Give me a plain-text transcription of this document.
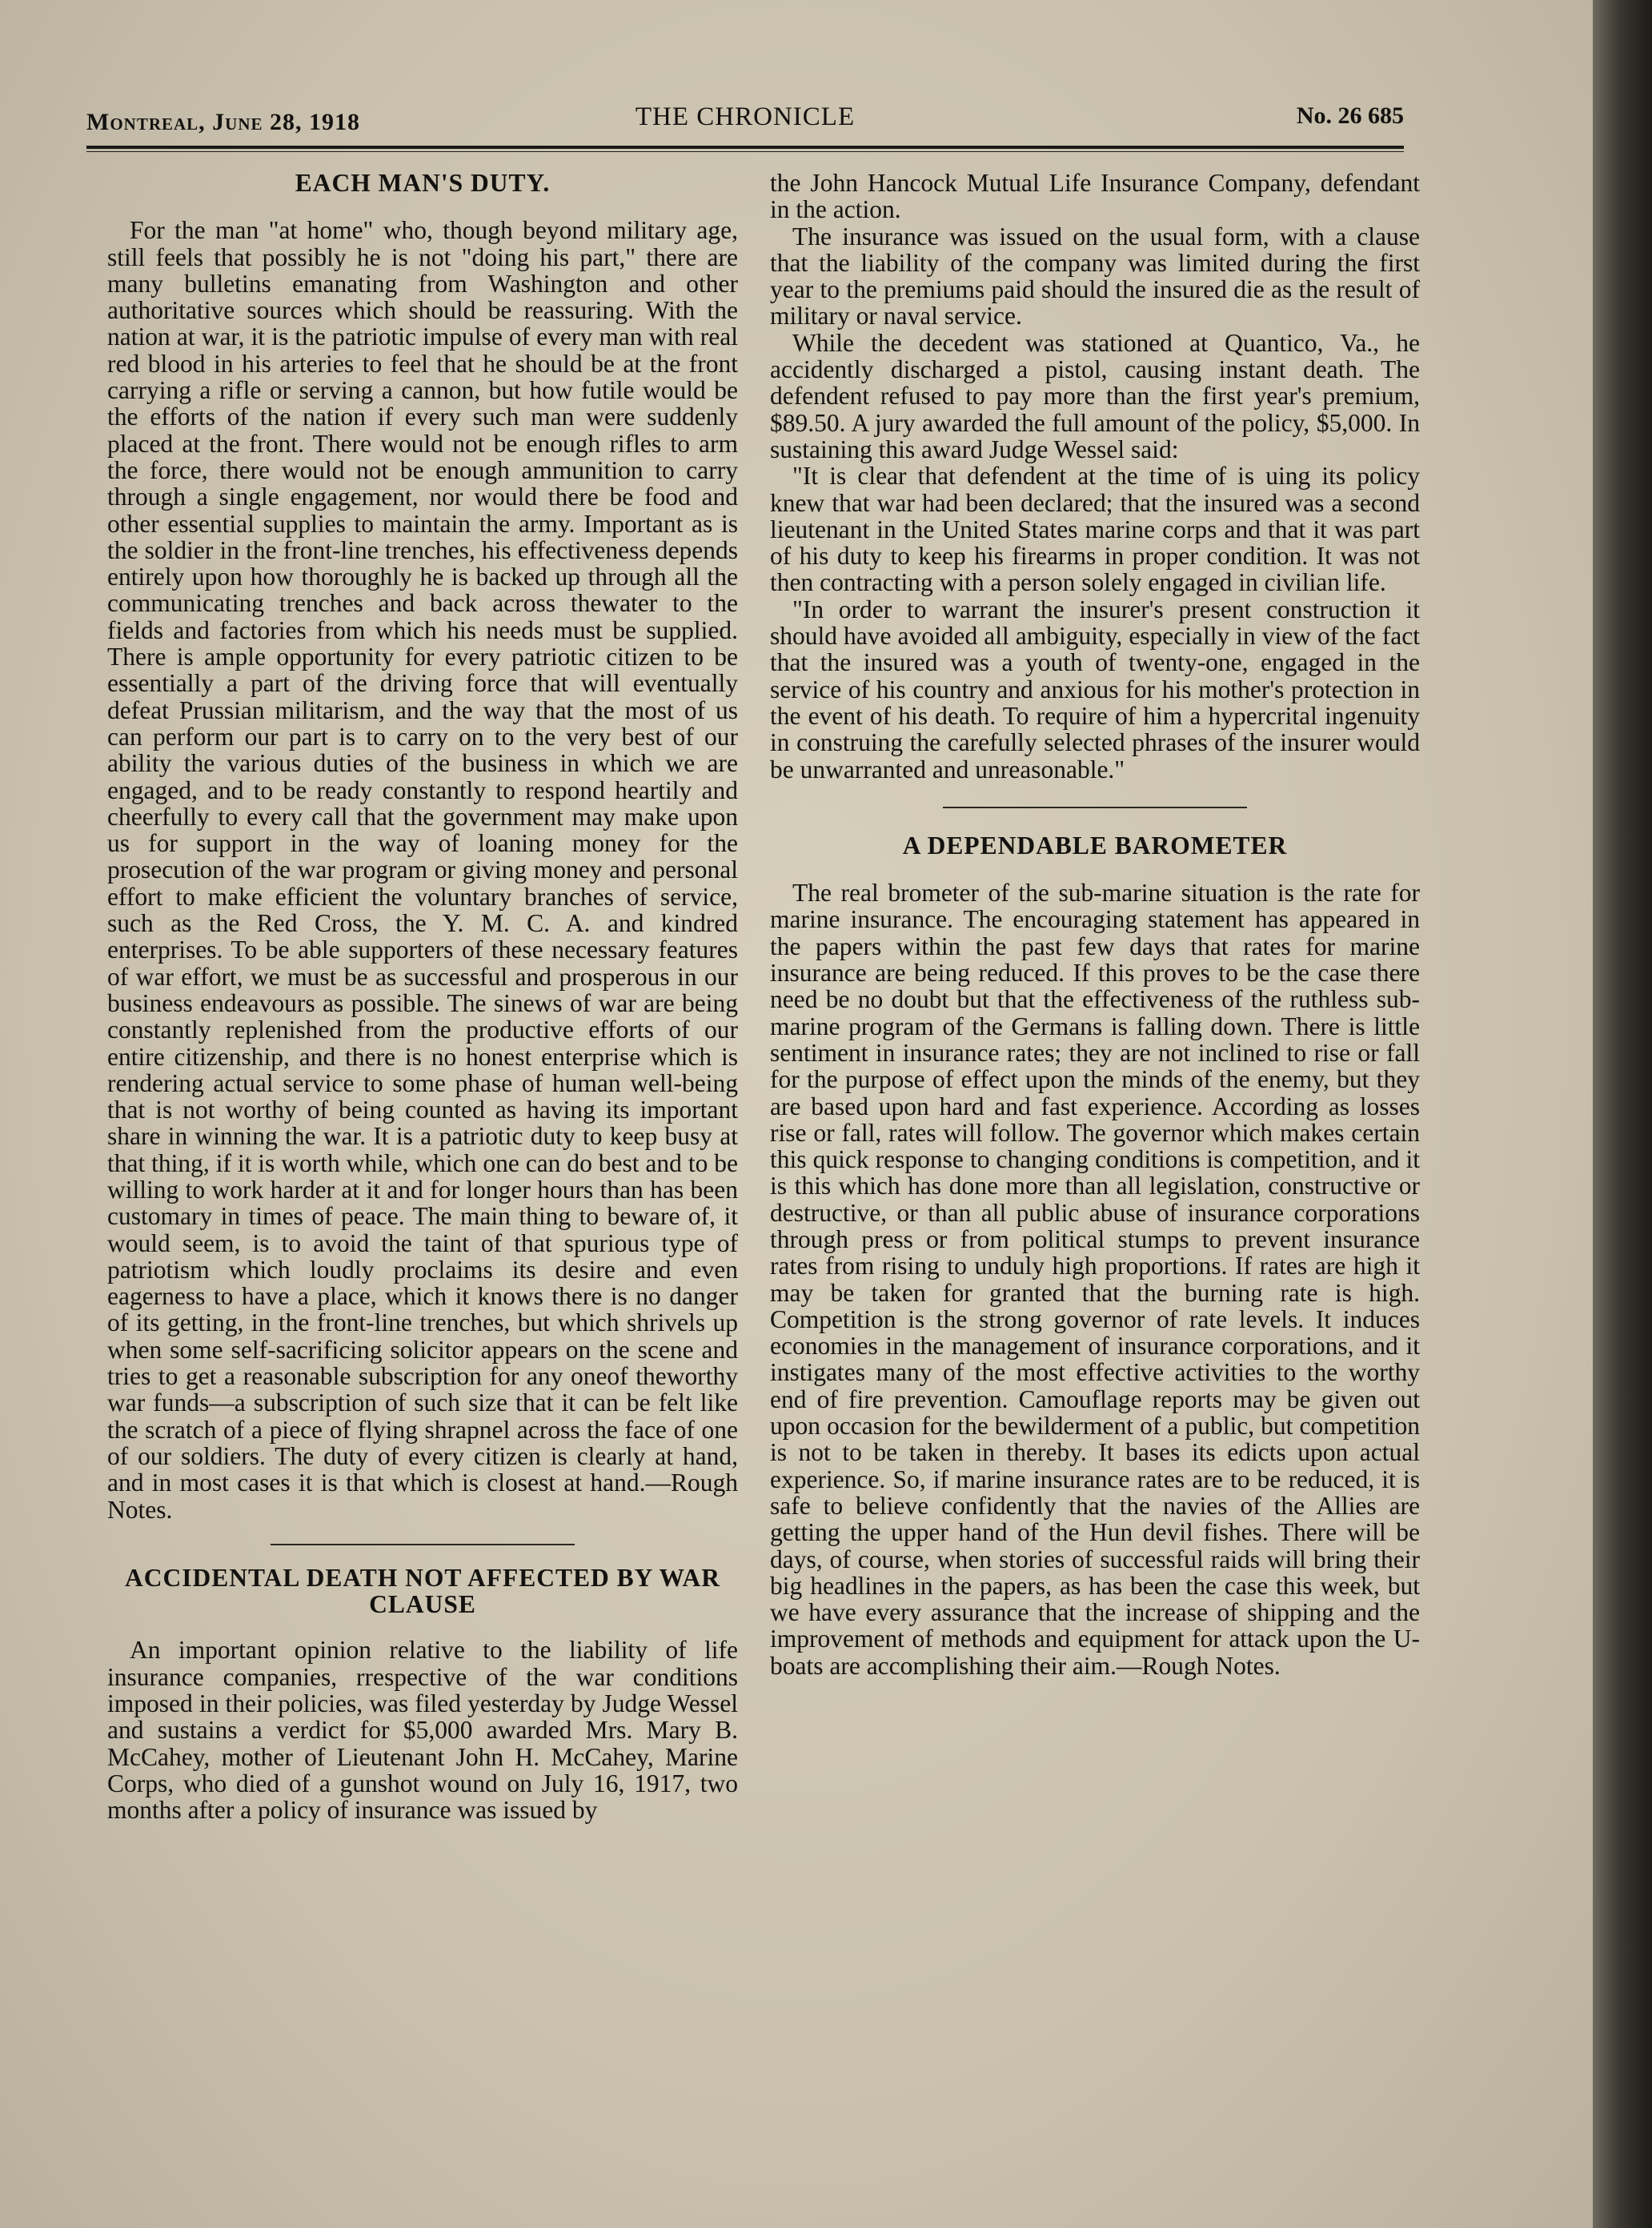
Montreal, June 28, 1918	THE CHRONICLE	No. 26 685
EACH MAN'S DUTY.

For the man "at home" who, though beyond military age, still feels that possibly he is not "doing his part," there are many bulletins emanating from Washington and other authoritative sources which should be reassuring. With the nation at war, it is the patriotic impulse of every man with real red blood in his arteries to feel that he should be at the front carrying a rifle or serving a cannon, but how futile would be the efforts of the nation if every such man were suddenly placed at the front. There would not be enough rifles to arm the force, there would not be enough ammunition to carry through a single engagement, nor would there be food and other essential supplies to maintain the army. Important as is the soldier in the front-line trenches, his effectiveness depends entirely upon how thoroughly he is backed up through all the communicating trenches and back across thewater to the fields and factories from which his needs must be supplied. There is ample opportunity for every patriotic citizen to be essentially a part of the driving force that will eventually defeat Prussian militarism, and the way that the most of us can perform our part is to carry on to the very best of our ability the various duties of the business in which we are engaged, and to be ready constantly to respond heartily and cheerfully to every call that the government may make upon us for support in the way of loaning money for the prosecution of the war program or giving money and personal effort to make efficient the voluntary branches of service, such as the Red Cross, the Y. M. C. A. and kindred enterprises. To be able supporters of these necessary features of war effort, we must be as successful and prosperous in our business endeavours as possible. The sinews of war are being constantly replenished from the productive efforts of our entire citizenship, and there is no honest enterprise which is rendering actual service to some phase of human well-being that is not worthy of being counted as having its important share in winning the war. It is a patriotic duty to keep busy at that thing, if it is worth while, which one can do best and to be willing to work harder at it and for longer hours than has been customary in times of peace. The main thing to beware of, it would seem, is to avoid the taint of that spurious type of patriotism which loudly proclaims its desire and even eagerness to have a place, which it knows there is no danger of its getting, in the front-line trenches, but which shrivels up when some self-sacrificing solicitor appears on the scene and tries to get a reasonable subscription for any oneof theworthy war funds—a subscription of such size that it can be felt like the scratch of a piece of flying shrapnel across the face of one of our soldiers. The duty of every citizen is clearly at hand, and in most cases it is that which is closest at hand.—Rough Notes.

ACCIDENTAL DEATH NOT AFFECTED BY WAR CLAUSE

An important opinion relative to the liability of life insurance companies, rrespective of the war conditions imposed in their policies, was filed yesterday by Judge Wessel and sustains a verdict for $5,000 awarded Mrs. Mary B. McCahey, mother of Lieutenant John H. McCahey, Marine Corps, who died of a gunshot wound on July 16, 1917, two months after a policy of insurance was issued by

the John Hancock Mutual Life Insurance Company, defendant in the action.

The insurance was issued on the usual form, with a clause that the liability of the company was limited during the first year to the premiums paid should the insured die as the result of military or naval service.

While the decedent was stationed at Quantico, Va., he accidently discharged a pistol, causing instant death. The defendent refused to pay more than the first year's premium, $89.50. A jury awarded the full amount of the policy, $5,000. In sustaining this award Judge Wessel said:

"It is clear that defendent at the time of is uing its policy knew that war had been declared; that the insured was a second lieutenant in the United States marine corps and that it was part of his duty to keep his firearms in proper condition. It was not then contracting with a person solely engaged in civilian life.

"In order to warrant the insurer's present construction it should have avoided all ambiguity, especially in view of the fact that the insured was a youth of twenty-one, engaged in the service of his country and anxious for his mother's protection in the event of his death. To require of him a hypercrital ingenuity in construing the carefully selected phrases of the insurer would be unwarranted and unreasonable."

A DEPENDABLE BAROMETER

The real brometer of the sub-marine situation is the rate for marine insurance. The encouraging statement has appeared in the papers within the past few days that rates for marine insurance are being reduced. If this proves to be the case there need be no doubt but that the effectiveness of the ruthless sub-marine program of the Germans is falling down. There is little sentiment in insurance rates; they are not inclined to rise or fall for the purpose of effect upon the minds of the enemy, but they are based upon hard and fast experience. According as losses rise or fall, rates will follow. The governor which makes certain this quick response to changing conditions is competition, and it is this which has done more than all legislation, constructive or destructive, or than all public abuse of insurance corporations through press or from political stumps to prevent insurance rates from rising to unduly high proportions. If rates are high it may be taken for granted that the burning rate is high. Competition is the strong governor of rate levels. It induces economies in the management of insurance corporations, and it instigates many of the most effective activities to the worthy end of fire prevention. Camouflage reports may be given out upon occasion for the bewilderment of a public, but competition is not to be taken in thereby. It bases its edicts upon actual experience. So, if marine insurance rates are to be reduced, it is safe to believe confidently that the navies of the Allies are getting the upper hand of the Hun devil fishes. There will be days, of course, when stories of successful raids will bring their big headlines in the papers, as has been the case this week, but we have every assurance that the increase of shipping and the improvement of methods and equipment for attack upon the U-boats are accomplishing their aim.—Rough Notes.
